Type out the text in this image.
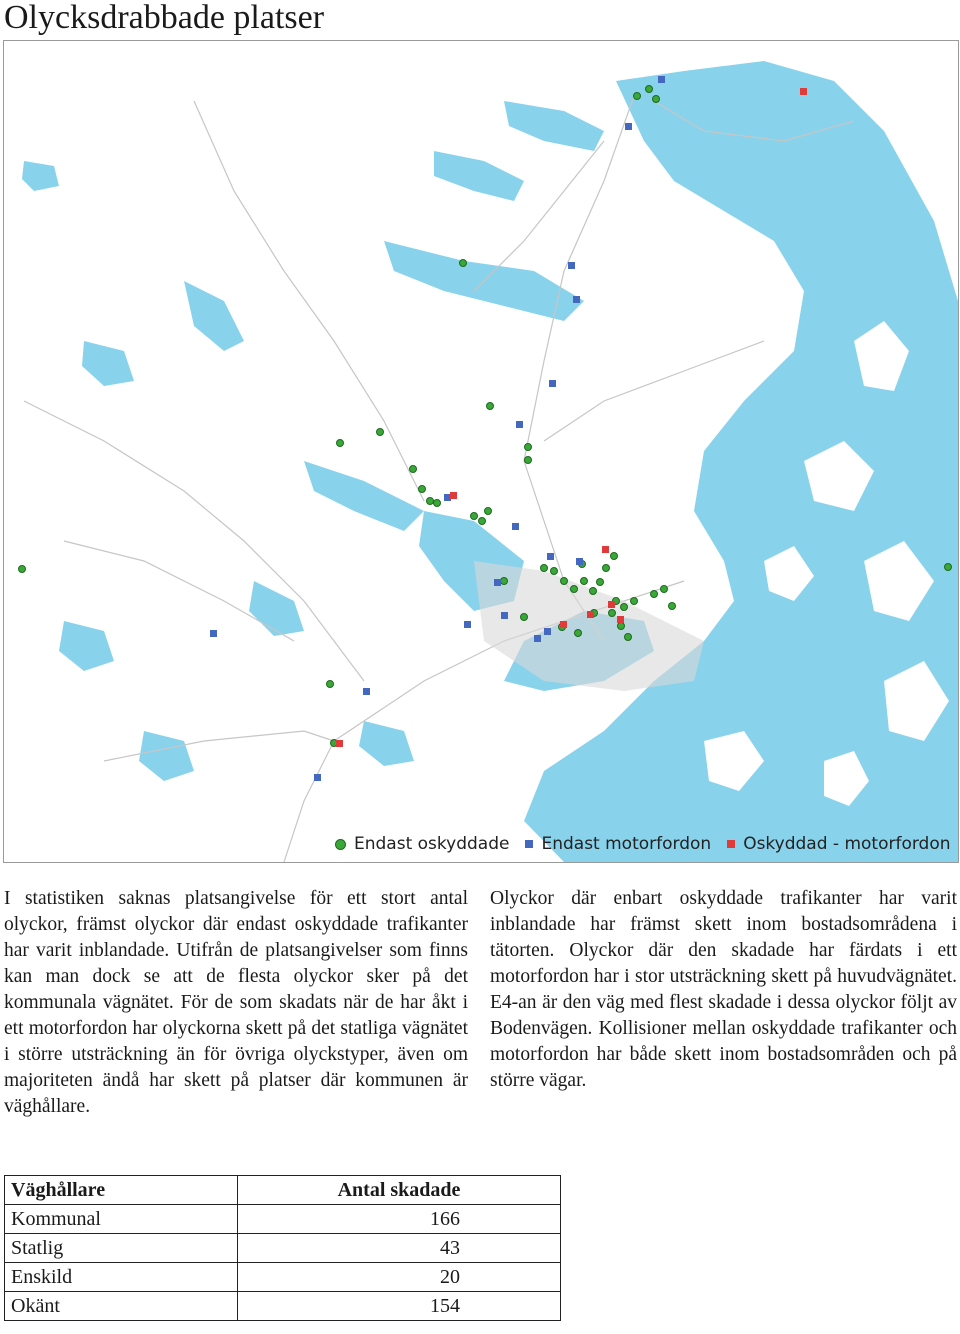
Olycksdrabbade platser
Endast oskyddade Endast motorfordon Oskyddad - motorfordon

I statistiken saknas platsangivelse för ett stort antal olyckor, främst olyckor där endast oskyddade trafikanter har varit inblandade. Utifrån de platsangivelser som finns kan man dock se att de flesta olyckor sker på det kommunala vägnätet. För de som skadats när de har åkt i ett motorfordon har olyckorna skett på det statliga vägnätet i större utsträckning än för övriga olyckstyper, även om majoriteten ändå har skett på platser där kommunen är väghållare.

Olyckor där enbart oskyddade trafikanter har varit inblandade har främst skett inom bostadsområdena i tätorten. Olyckor där den skadade har färdats i ett motorfordon har i stor utsträckning skett på huvudvägnätet. E4-an är den väg med flest skadade i dessa olyckor följt av Bodenvägen. Kollisioner mellan oskyddade trafikanter och motorfordon har både skett inom bostadsområden och på större vägar.

Väghållare	Antal skadade
Kommunal	166
Statlig	43
Enskild	20
Okänt	154
